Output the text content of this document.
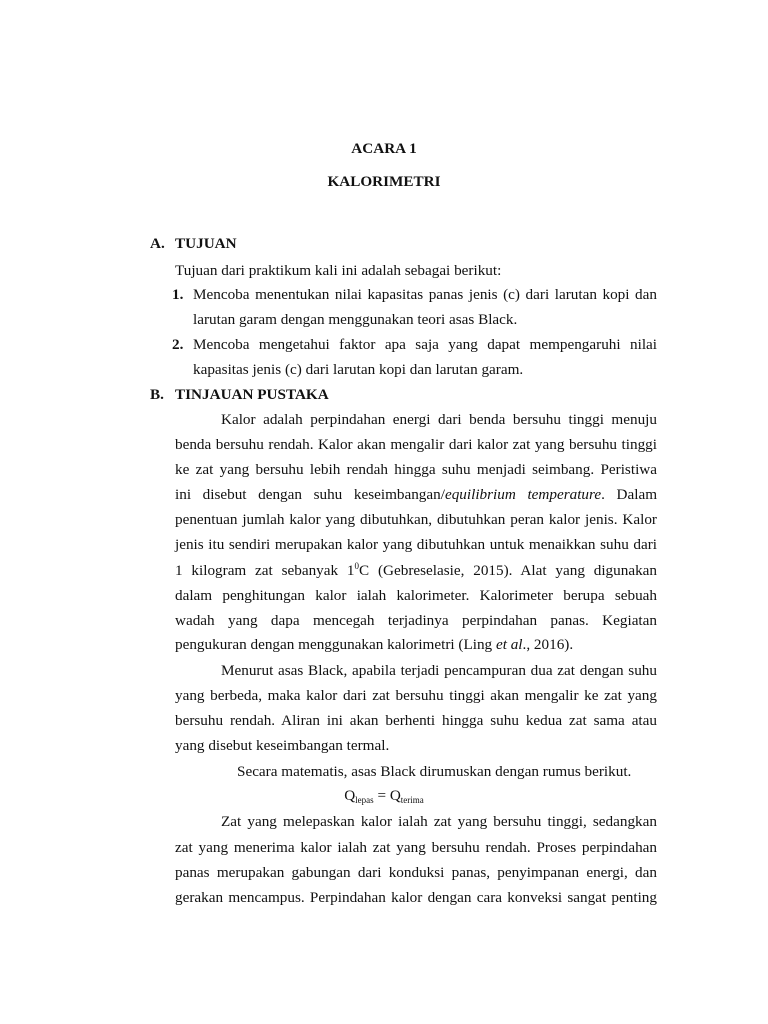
ACARA 1
KALORIMETRI
A. TUJUAN
Tujuan dari praktikum kali ini adalah sebagai berikut:
1. Mencoba menentukan nilai kapasitas panas jenis (c) dari larutan kopi dan
larutan garam dengan menggunakan teori asas Black.
2. Mencoba mengetahui faktor apa saja yang dapat mempengaruhi nilai
kapasitas jenis (c) dari larutan kopi dan larutan garam.
B. TINJAUAN PUSTAKA
Kalor adalah perpindahan energi dari benda bersuhu tinggi menuju
benda bersuhu rendah. Kalor akan mengalir dari kalor zat yang bersuhu tinggi
ke zat yang bersuhu lebih rendah hingga suhu menjadi seimbang. Peristiwa
ini disebut dengan suhu keseimbangan/equilibrium temperature. Dalam
penentuan jumlah kalor yang dibutuhkan, dibutuhkan peran kalor jenis. Kalor
jenis itu sendiri merupakan kalor yang dibutuhkan untuk menaikkan suhu dari
1 kilogram zat sebanyak $1^0C$ (Gebreselasie, 2015). Alat yang digunakan
dalam penghitungan kalor ialah kalorimeter. Kalorimeter berupa sebuah
wadah yang dapa mencegah terjadinya perpindahan panas. Kegiatan
pengukuran dengan menggunakan kalorimetri (Ling et al., 2016).
Menurut asas Black, apabila terjadi pencampuran dua zat dengan suhu
yang berbeda, maka kalor dari zat bersuhu tinggi akan mengalir ke zat yang
bersuhu rendah. Aliran ini akan berhenti hingga suhu kedua zat sama atau
yang disebut keseimbangan termal.
Secara matematis, asas Black dirumuskan dengan rumus berikut.
Qlepas = Qterima
Zat yang melepaskan kalor ialah zat yang bersuhu tinggi, sedangkan
zat yang menerima kalor ialah zat yang bersuhu rendah. Proses perpindahan
panas merupakan gabungan dari konduksi panas, penyimpanan energi, dan
gerakan mencampus. Perpindahan kalor dengan cara konveksi sangat penting
